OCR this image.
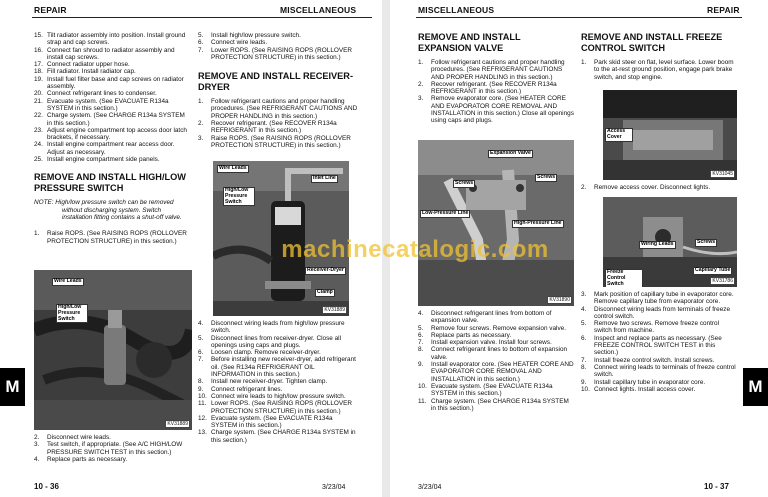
REPAIR	MISCELLANEOUS
15. Tilt radiator assembly into position. Install ground strap and cap screws.
16. Connect fan shroud to radiator assembly and install cap screws.
17. Connect radiator upper hose.
18. Fill radiator. Install radiator cap.
19. Install fuel filter base and cap screws on radiator assembly.
20. Connect refrigerant lines to condenser.
21. Evacuate system. (See EVACUATE R134a SYSTEM in this section.)
22. Charge system. (See CHARGE R134a SYSTEM in this section.)
23. Adjust engine compartment top access door latch brackets, if necessary.
24. Install engine compartment rear access door. Adjust as necessary.
25. Install engine compartment side panels.
REMOVE AND INSTALL HIGH/LOW PRESSURE SWITCH

NOTE: High/low pressure switch can be removed without discharging system. Switch installation fitting contains a shut-off valve.

1. Raise ROPS. (See RAISING ROPS (ROLLOVER PROTECTION STRUCTURE) in this section.)
Wire Leads
High/Low Pressure Switch
KV31889
2. Disconnect wire leads.
3. Test switch, if appropriate. (See A/C HIGH/LOW PRESSURE SWITCH TEST in this section.)
4. Replace parts as necessary.
5. Install high/low pressure switch.
6. Connect wire leads.
7. Lower ROPS. (See RAISING ROPS (ROLLOVER PROTECTION STRUCTURE) in this section.)
REMOVE AND INSTALL RECEIVER-DRYER
1. Follow refrigerant cautions and proper handling procedures. (See REFRIGERANT CAUTIONS AND PROPER HANDLING in this section.)
2. Recover refrigerant. (See RECOVER R134a REFRIGERANT in this section.)
3. Raise ROPS. (See RAISING ROPS (ROLLOVER PROTECTION STRUCTURE) in this section.)
Wire Leads
High/Low Pressure Switch
Inlet Line
Receiver-Dryer
Clamp
KV31889
4. Disconnect wiring leads from high/low pressure switch.
5. Disconnect lines from receiver-dryer. Close all openings using caps and plugs.
6. Loosen clamp. Remove receiver-dryer.
7. Before installing new receiver-dryer, add refrigerant oil. (See R134a REFRIGERANT OIL INFORMATION in this section.)
8. Install new receiver-dryer. Tighten clamp.
9. Connect refrigerant lines.
10. Connect wire leads to high/low pressure switch.
11. Lower ROPS. (See RAISING ROPS (ROLLOVER PROTECTION STRUCTURE) in this section.)
12. Evacuate system. (See EVACUATE R134a SYSTEM in this section.)
13. Charge system. (See CHARGE R134a SYSTEM in this section.)
M
10 - 36	3/23/04
MISCELLANEOUS	REPAIR
REMOVE AND INSTALL EXPANSION VALVE
1. Follow refrigerant cautions and proper handling procedures. (See REFRIGERANT CAUTIONS AND PROPER HANDLING in this section.)
2. Recover refrigerant. (See RECOVER R134a REFRIGERANT in this section.)
3. Remove evaporator core. (See HEATER CORE AND EVAPORATOR CORE REMOVAL AND INSTALLATION in this section.) Close all openings using caps and plugs.
Expansion Valve
Screws
Screws
Low-Pressure Line
High-Pressure Line
KV31890
4. Disconnect refrigerant lines from bottom of expansion valve.
5. Remove four screws. Remove expansion valve.
6. Replace parts as necessary.
7. Install expansion valve. Install four screws.
8. Connect refrigerant lines to bottom of expansion valve.
9. Install evaporator core. (See HEATER CORE AND EVAPORATOR CORE REMOVAL AND INSTALLATION in this section.)
10. Evacuate system. (See EVACUATE R134a SYSTEM in this section.)
11. Charge system. (See CHARGE R134a SYSTEM in this section.)
REMOVE AND INSTALL FREEZE CONTROL SWITCH
1. Park skid steer on flat, level surface. Lower boom to the at-rest ground position, engage park brake switch, and stop engine.
Access Cover
KV31045
2. Remove access cover. Disconnect lights.
Wiring Leads	Screws
Freeze Control Switch
Capillary Tube
KV31786
3. Mark position of capillary tube in evaporator core. Remove capillary tube from evaporator core.
4. Disconnect wiring leads from terminals of freeze control switch.
5. Remove two screws. Remove freeze control switch from machine.
6. Inspect and replace parts as necessary. (See FREEZE CONTROL SWITCH TEST in this section.)
7. Install freeze control switch. Install screws.
8. Connect wiring leads to terminals of freeze control switch.
9. Install capillary tube in evaporator core.
10. Connect lights. Install access cover.	M
3/23/04	10 - 37
machinecatalogic.com
